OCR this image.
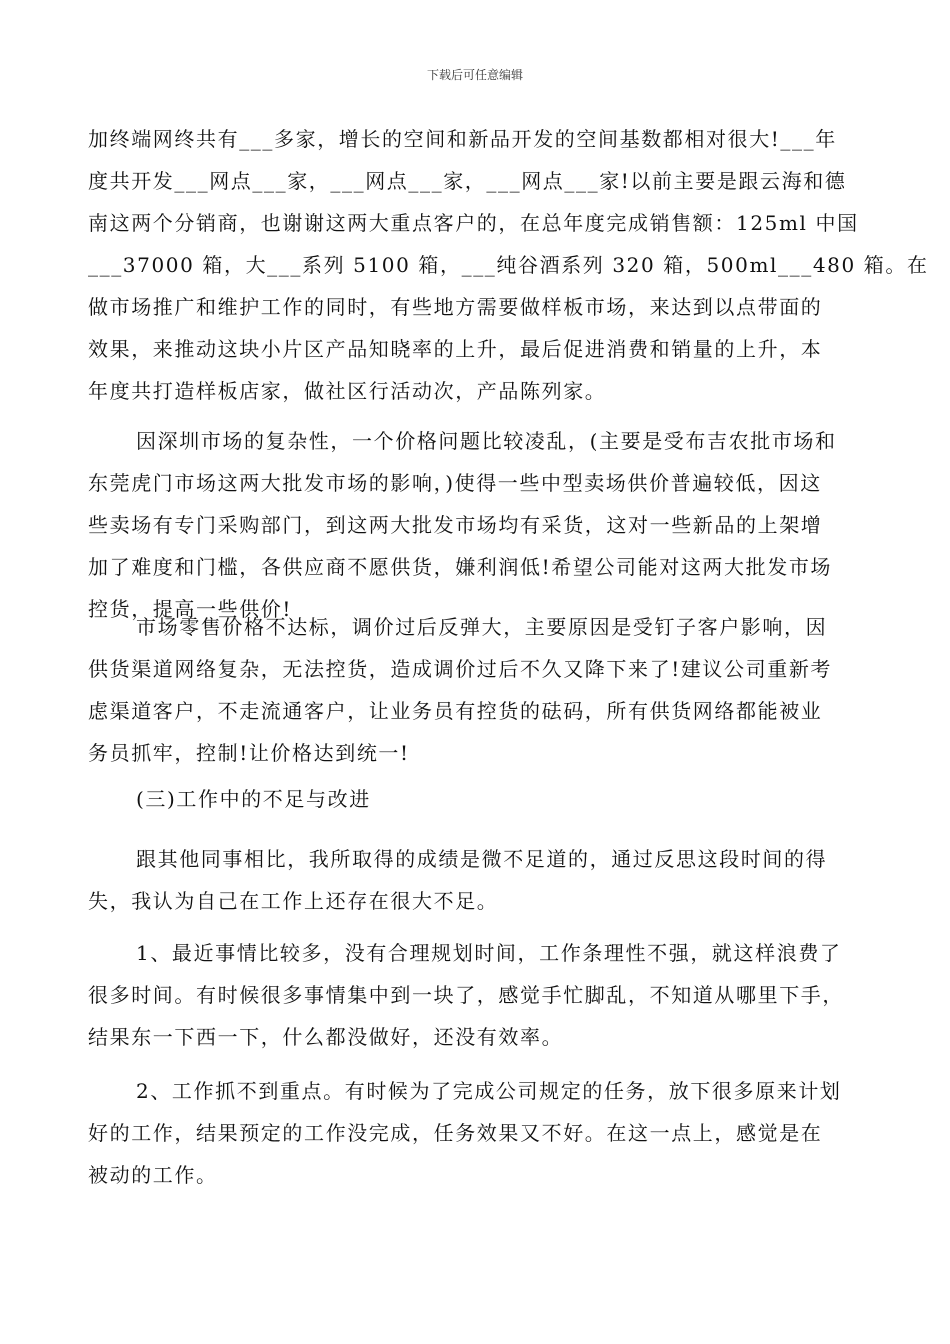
下载后可任意编辑
加终端网终共有___多家，增长的空间和新品开发的空间基数都相对很大!___年
度共开发___网点___家，___网点___家，___网点___家!以前主要是跟云海和德
南这两个分销商，也谢谢这两大重点客户的，在总年度完成销售额：125ml 中国
___37000 箱，大___系列 5100 箱，___纯谷酒系列 320 箱，500ml___480 箱。在
做市场推广和维护工作的同时，有些地方需要做样板市场，来达到以点带面的
效果，来推动这块小片区产品知晓率的上升，最后促进消费和销量的上升，本
年度共打造样板店家，做社区行活动次，产品陈列家。
因深圳市场的复杂性，一个价格问题比较凌乱，(主要是受布吉农批市场和
东莞虎门市场这两大批发市场的影响，)使得一些中型卖场供价普遍较低，因这
些卖场有专门采购部门，到这两大批发市场均有采货，这对一些新品的上架增
加了难度和门槛，各供应商不愿供货，嫌利润低!希望公司能对这两大批发市场
控货，提高一些供价!
市场零售价格不达标，调价过后反弹大，主要原因是受钉子客户影响，因
供货渠道网络复杂，无法控货，造成调价过后不久又降下来了!建议公司重新考
虑渠道客户，不走流通客户，让业务员有控货的砝码，所有供货网络都能被业
务员抓牢，控制!让价格达到统一!
(三)工作中的不足与改进
跟其他同事相比，我所取得的成绩是微不足道的，通过反思这段时间的得
失，我认为自己在工作上还存在很大不足。
1、最近事情比较多，没有合理规划时间，工作条理性不强，就这样浪费了
很多时间。有时候很多事情集中到一块了，感觉手忙脚乱，不知道从哪里下手，
结果东一下西一下，什么都没做好，还没有效率。
2、工作抓不到重点。有时候为了完成公司规定的任务，放下很多原来计划
好的工作，结果预定的工作没完成，任务效果又不好。在这一点上，感觉是在
被动的工作。
